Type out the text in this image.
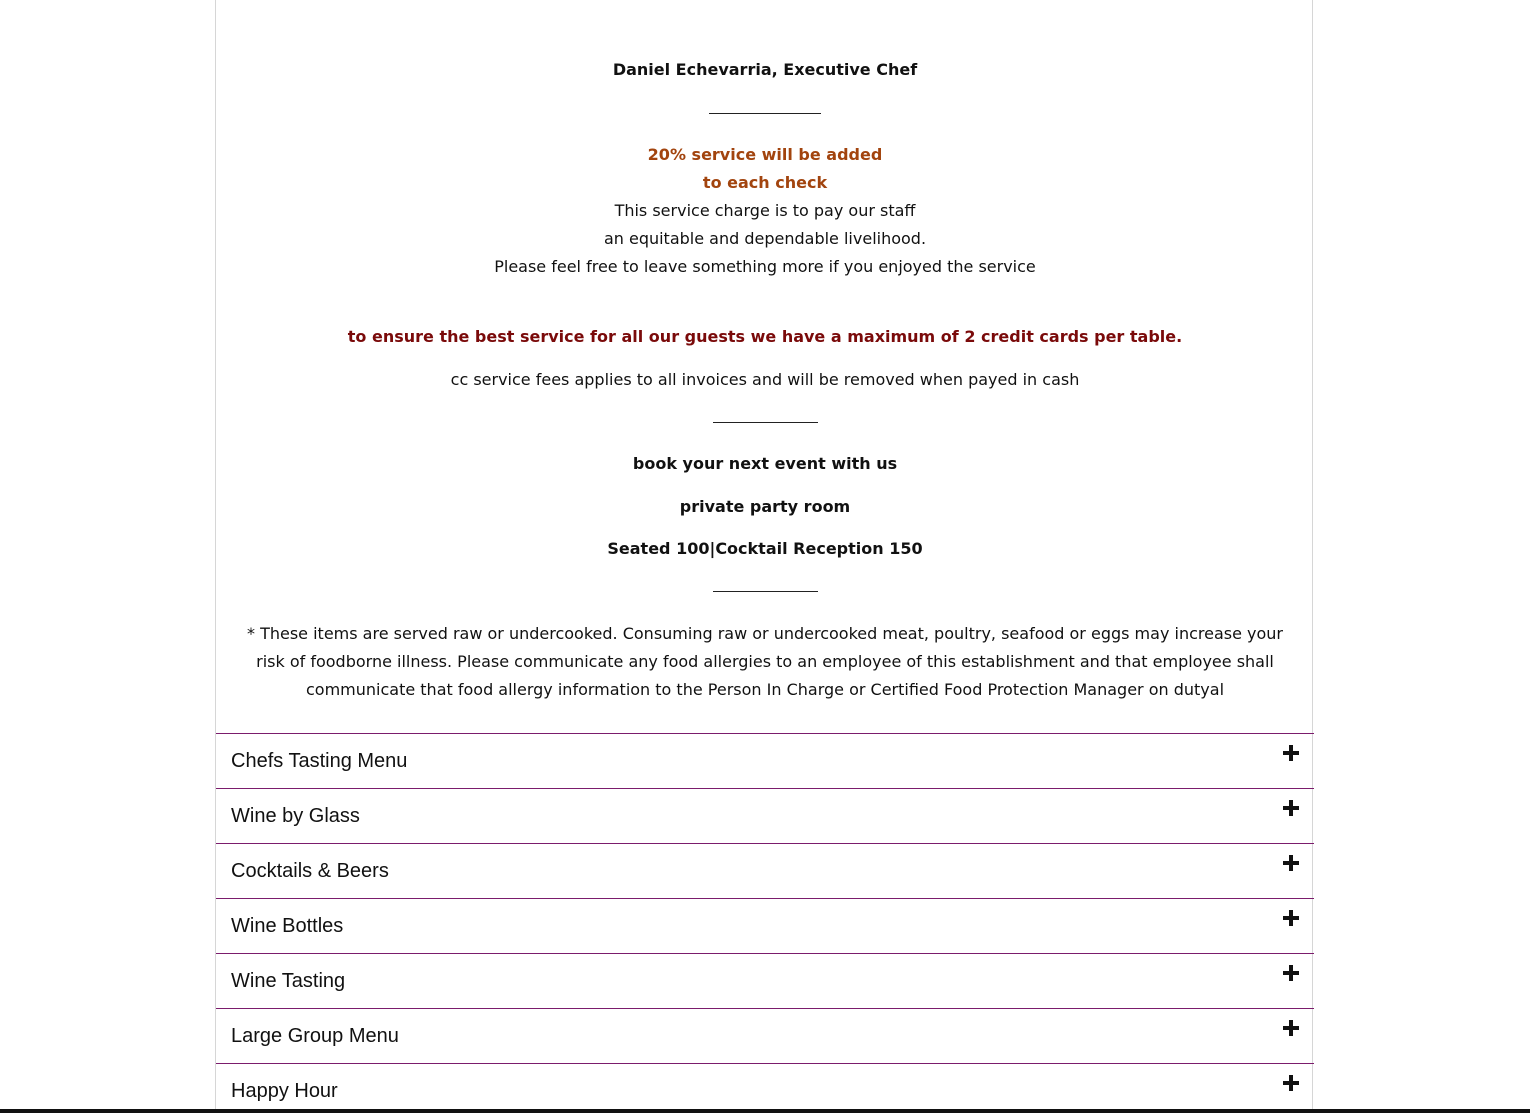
Daniel Echevarria, Executive Chef
20% service will be added
to each check
This service charge is to pay our staff
an equitable and dependable livelihood.
Please feel free to leave something more if you enjoyed the service
to ensure the best service for all our guests we have a maximum of 2 credit cards per table.
cc service fees applies to all invoices and will be removed when payed in cash
book your next event with us
private party room
Seated 100|Cocktail Reception 150
* These items are served raw or undercooked. Consuming raw or undercooked meat, poultry, seafood or eggs may increase your risk of foodborne illness. Please communicate any food allergies to an employee of this establishment and that employee shall communicate that food allergy information to the Person In Charge or Certified Food Protection Manager on dutyal
Chefs Tasting Menu
Wine by Glass
Cocktails & Beers
Wine Bottles
Wine Tasting
Large Group Menu
Happy Hour
